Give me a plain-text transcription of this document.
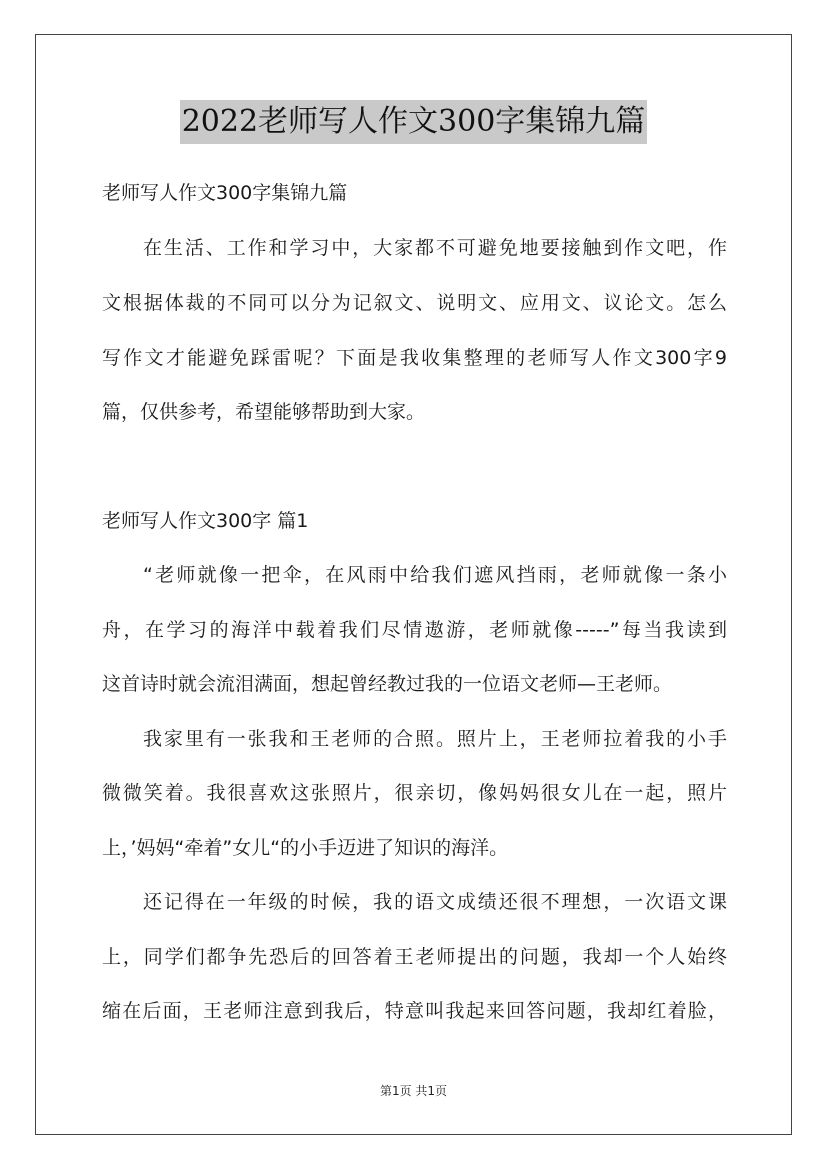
2022老师写人作文300字集锦九篇
老师写人作文300字集锦九篇
在生活、工作和学习中，大家都不可避免地要接触到作文吧，作
文根据体裁的不同可以分为记叙文、说明文、应用文、议论文。怎么
写作文才能避免踩雷呢？下面是我收集整理的老师写人作文300字9
篇，仅供参考，希望能够帮助到大家。
老师写人作文300字 篇1
“老师就像一把伞，在风雨中给我们遮风挡雨，老师就像一条小
舟，在学习的海洋中载着我们尽情遨游，老师就像-----”每当我读到
这首诗时就会流泪满面，想起曾经教过我的一位语文老师—王老师。
我家里有一张我和王老师的合照。照片上，王老师拉着我的小手
微微笑着。我很喜欢这张照片，很亲切，像妈妈很女儿在一起，照片
上，’妈妈“牵着”女儿“的小手迈进了知识的海洋。
还记得在一年级的时候，我的语文成绩还很不理想，一次语文课
上，同学们都争先恐后的回答着王老师提出的问题，我却一个人始终
缩在后面，王老师注意到我后，特意叫我起来回答问题，我却红着脸，
第1页 共1页
